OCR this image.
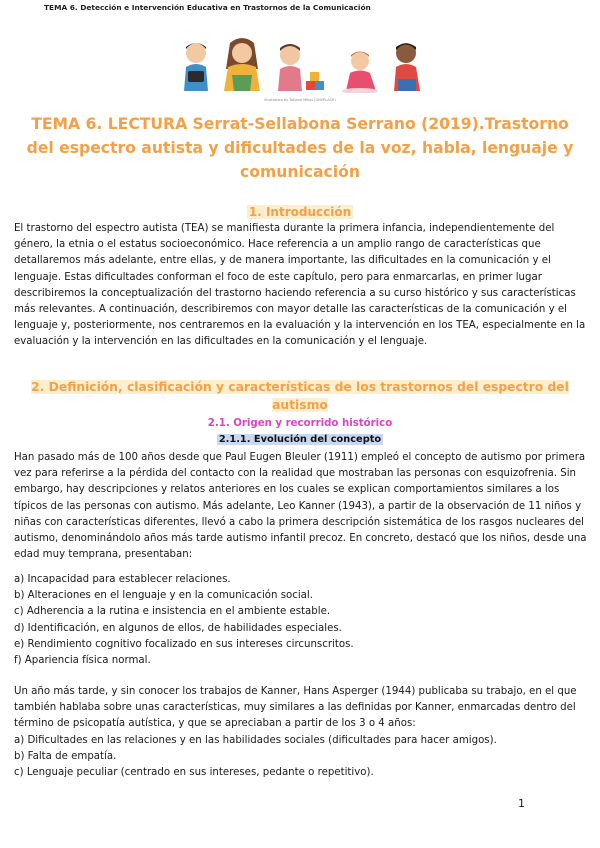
TEMA 6. Detección e Intervención Educativa en Trastornos de la Comunicación
illustration by Tatjana Mikus (UNSPLASH)
TEMA 6. LECTURA Serrat-Sellabona Serrano (2019).Trastorno del espectro autista y dificultades de la voz, habla, lenguaje y comunicación
1. Introducción

El trastorno del espectro autista (TEA) se manifiesta durante la primera infancia, independientemente del género, la etnia o el estatus socioeconómico. Hace referencia a un amplio rango de características que detallaremos más adelante, entre ellas, y de manera importante, las dificultades en la comunicación y el lenguaje. Estas dificultades conforman el foco de este capítulo, pero para enmarcarlas, en primer lugar describiremos la conceptualización del trastorno haciendo referencia a su curso histórico y sus características más relevantes. A continuación, describiremos con mayor detalle las características de la comunicación y el lenguaje y, posteriormente, nos centraremos en la evaluación y la intervención en los TEA, especialmente en la evaluación y la intervención en las dificultades en la comunicación y el lenguaje.

2. Definición, clasificación y características de los trastornos del espectro del autismo
2.1. Origen y recorrido histórico
2.1.1. Evolución del concepto

Han pasado más de 100 años desde que Paul Eugen Bleuler (1911) empleó el concepto de autismo por primera vez para referirse a la pérdida del contacto con la realidad que mostraban las personas con esquizofrenia. Sin embargo, hay descripciones y relatos anteriores en los cuales se explican comportamientos similares a los típicos de las personas con autismo. Más adelante, Leo Kanner (1943), a partir de la observación de 11 niños y niñas con características diferentes, llevó a cabo la primera descripción sistemática de los rasgos nucleares del autismo, denominándolo años más tarde autismo infantil precoz. En concreto, destacó que los niños, desde una edad muy temprana, presentaban:

a) Incapacidad para establecer relaciones.
b) Alteraciones en el lenguaje y en la comunicación social.
c) Adherencia a la rutina e insistencia en el ambiente estable.
d) Identificación, en algunos de ellos, de habilidades especiales.
e) Rendimiento cognitivo focalizado en sus intereses circunscritos.
f) Apariencia física normal.

Un año más tarde, y sin conocer los trabajos de Kanner, Hans Asperger (1944) publicaba su trabajo, en el que también hablaba sobre unas características, muy similares a las definidas por Kanner, enmarcadas dentro del término de psicopatía autística, y que se apreciaban a partir de los 3 o 4 años:

a) Dificultades en las relaciones y en las habilidades sociales (dificultades para hacer amigos).
b) Falta de empatía.
c) Lenguaje peculiar (centrado en sus intereses, pedante o repetitivo).
1
